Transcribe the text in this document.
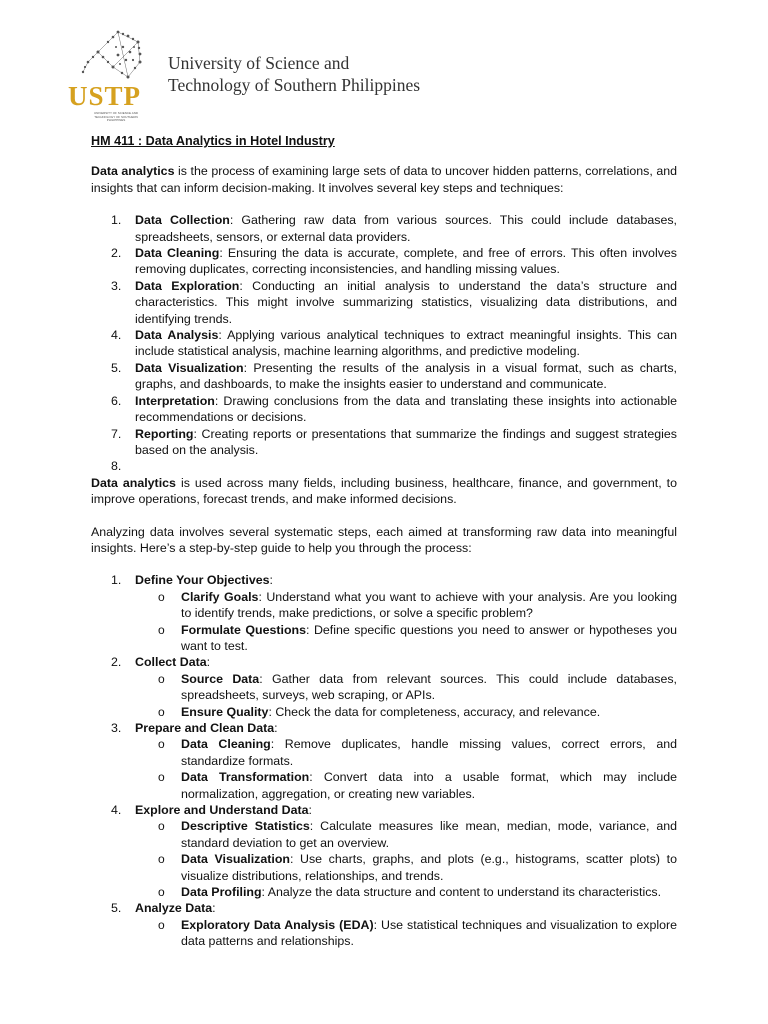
USTP
UNIVERSITY OF SCIENCE AND TECHNOLOGY OF SOUTHERN PHILIPPINES
University of Science and
Technology of Southern Philippines
HM 411 : Data Analytics in Hotel Industry

Data analytics is the process of examining large sets of data to uncover hidden patterns, correlations, and insights that can inform decision-making. It involves several key steps and techniques:

1. Data Collection: Gathering raw data from various sources. This could include databases, spreadsheets, sensors, or external data providers.
2. Data Cleaning: Ensuring the data is accurate, complete, and free of errors. This often involves removing duplicates, correcting inconsistencies, and handling missing values.
3. Data Exploration: Conducting an initial analysis to understand the data’s structure and characteristics. This might involve summarizing statistics, visualizing data distributions, and identifying trends.
4. Data Analysis: Applying various analytical techniques to extract meaningful insights. This can include statistical analysis, machine learning algorithms, and predictive modeling.
5. Data Visualization: Presenting the results of the analysis in a visual format, such as charts, graphs, and dashboards, to make the insights easier to understand and communicate.
6. Interpretation: Drawing conclusions from the data and translating these insights into actionable recommendations or decisions.
7. Reporting: Creating reports or presentations that summarize the findings and suggest strategies based on the analysis.
8.

Data analytics is used across many fields, including business, healthcare, finance, and government, to improve operations, forecast trends, and make informed decisions.

Analyzing data involves several systematic steps, each aimed at transforming raw data into meaningful insights. Here’s a step-by-step guide to help you through the process:

1. Define Your Objectives:
o Clarify Goals: Understand what you want to achieve with your analysis. Are you looking to identify trends, make predictions, or solve a specific problem?
o Formulate Questions: Define specific questions you need to answer or hypotheses you want to test.
2. Collect Data:
o Source Data: Gather data from relevant sources. This could include databases, spreadsheets, surveys, web scraping, or APIs.
o Ensure Quality: Check the data for completeness, accuracy, and relevance.
3. Prepare and Clean Data:
o Data Cleaning: Remove duplicates, handle missing values, correct errors, and standardize formats.
o Data Transformation: Convert data into a usable format, which may include normalization, aggregation, or creating new variables.
4. Explore and Understand Data:
o Descriptive Statistics: Calculate measures like mean, median, mode, variance, and standard deviation to get an overview.
o Data Visualization: Use charts, graphs, and plots (e.g., histograms, scatter plots) to visualize distributions, relationships, and trends.
o Data Profiling: Analyze the data structure and content to understand its characteristics.
5. Analyze Data:
o Exploratory Data Analysis (EDA): Use statistical techniques and visualization to explore data patterns and relationships.
